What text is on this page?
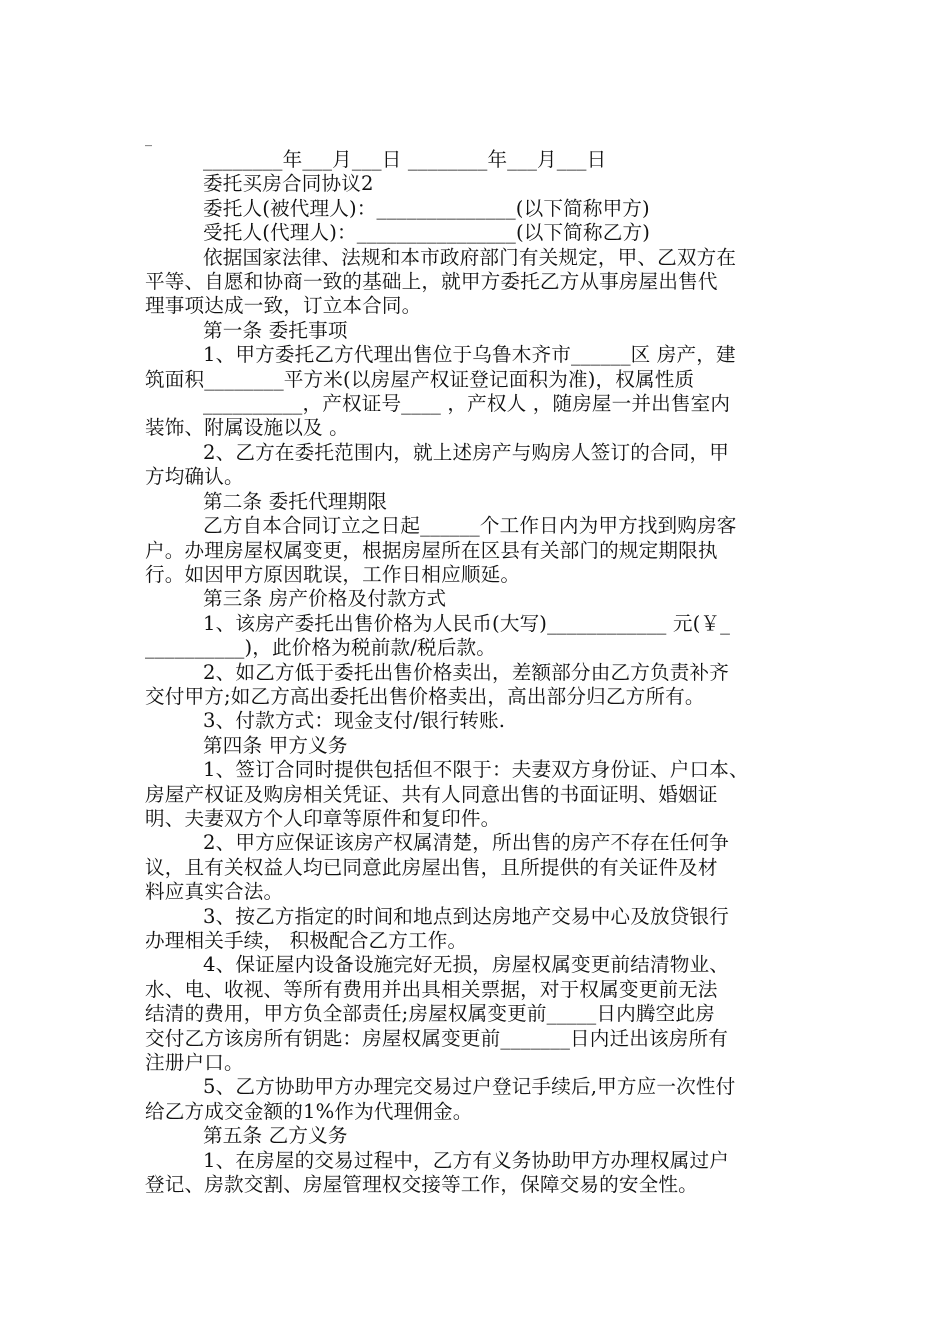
_
________年___月___日 ________年___月___日
委托买房合同协议2
委托人(被代理人)：______________(以下简称甲方)
受托人(代理人)：________________(以下简称乙方)
依据国家法律、法规和本市政府部门有关规定，甲、乙双方在
平等、自愿和协商一致的基础上，就甲方委托乙方从事房屋出售代
理事项达成一致，订立本合同。
第一条 委托事项
1、甲方委托乙方代理出售位于乌鲁木齐市______区 房产，建
筑面积________平方米(以房屋产权证登记面积为准)，权属性质
__________，产权证号____ ，产权人 ，随房屋一并出售室内
装饰、附属设施以及 。
2、乙方在委托范围内，就上述房产与购房人签订的合同，甲
方均确认。
第二条 委托代理期限
乙方自本合同订立之日起______个工作日内为甲方找到购房客
户。办理房屋权属变更，根据房屋所在区县有关部门的规定期限执
行。如因甲方原因耽误，工作日相应顺延。
第三条 房产价格及付款方式
1、该房产委托出售价格为人民币(大写)____________ 元(￥_
__________)，此价格为税前款/税后款。
2、如乙方低于委托出售价格卖出，差额部分由乙方负责补齐
交付甲方;如乙方高出委托出售价格卖出，高出部分归乙方所有。
3、付款方式：现金支付/银行转账.
第四条 甲方义务
1、签订合同时提供包括但不限于：夫妻双方身份证、户口本、
房屋产权证及购房相关凭证、共有人同意出售的书面证明、婚姻证
明、夫妻双方个人印章等原件和复印件。
2、甲方应保证该房产权属清楚，所出售的房产不存在任何争
议，且有关权益人均已同意此房屋出售，且所提供的有关证件及材
料应真实合法。
3、按乙方指定的时间和地点到达房地产交易中心及放贷银行
办理相关手续， 积极配合乙方工作。
4、保证屋内设备设施完好无损，房屋权属变更前结清物业、
水、电、收视、等所有费用并出具相关票据，对于权属变更前无法
结清的费用，甲方负全部责任;房屋权属变更前_____日内腾空此房
交付乙方该房所有钥匙：房屋权属变更前_______日内迁出该房所有
注册户口。
5、乙方协助甲方办理完交易过户登记手续后,甲方应一次性付
给乙方成交金额的1%作为代理佣金。
第五条 乙方义务
1、在房屋的交易过程中，乙方有义务协助甲方办理权属过户
登记、房款交割、房屋管理权交接等工作，保障交易的安全性。
